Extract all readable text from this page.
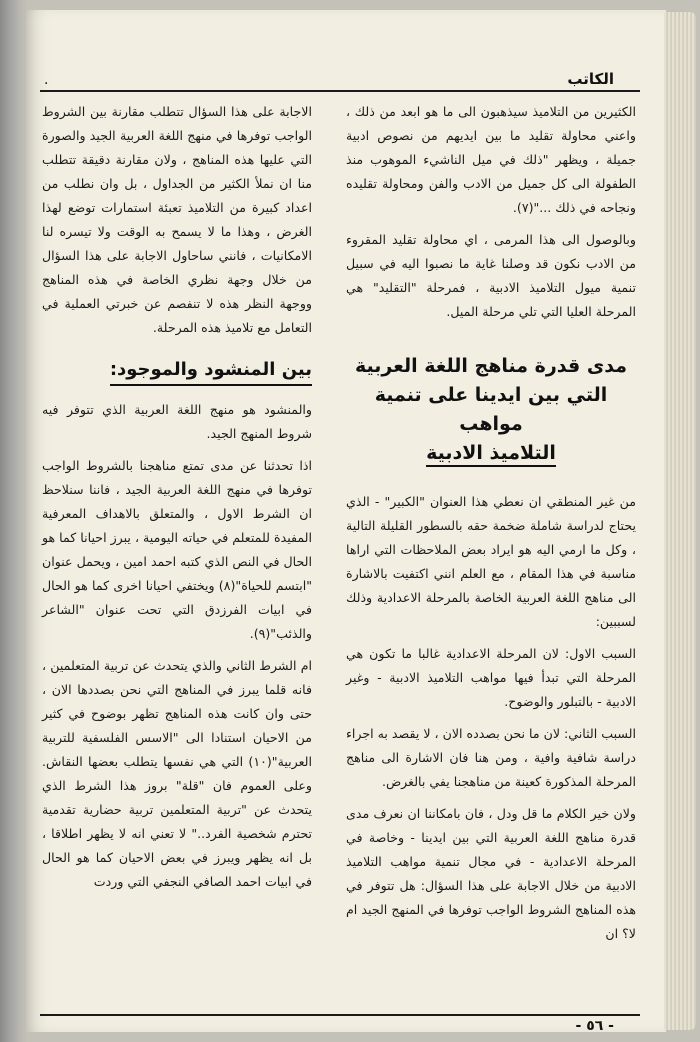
.	الكاتب

الكثيرين من التلاميذ سيذهبون الى ما هو ابعد من ذلك ، واعني محاولة تقليد ما بين ايديهم من نصوص ادبية جميلة ، ويظهر "ذلك في ميل الناشيء الموهوب منذ الطفولة الى كل جميل من الادب والفن ومحاولة تقليده ونجاحه في ذلك ..."(٧).

وبالوصول الى هذا المرمى ، اي محاولة تقليد المقروء من الادب نكون قد وصلنا غاية ما نصبوا اليه في سبيل تنمية ميول التلاميذ الادبية ، فمرحلة "التقليد" هي المرحلة العليا التي تلي مرحلة الميل.

مدى قدرة مناهج اللغة العربية
التي بين ايدينا على تنمية مواهب
التلاميذ الادبية

من غير المنطقي ان نعطي هذا العنوان "الكبير" - الذي يحتاج لدراسة شاملة ضخمة حقه بالسطور القليلة التالية ، وكل ما ارمي اليه هو ايراد بعض الملاحظات التي اراها مناسبة في هذا المقام ، مع العلم انني اكتفيت بالاشارة الى مناهج اللغة العربية الخاصة بالمرحلة الاعدادية وذلك لسببين:

السبب الاول: لان المرحلة الاعدادية غالبا ما تكون هي المرحلة التي تبدأ فيها مواهب التلاميذ الادبية - وغير الادبية - بالتبلور والوضوح.

السبب الثاني: لان ما نحن بصدده الان ، لا يقصد به اجراء دراسة شافية وافية ، ومن هنا فان الاشارة الى مناهج المرحلة المذكورة كعينة من مناهجنا يفي بالغرض.

ولان خير الكلام ما قل ودل ، فان بامكاننا ان نعرف مدى قدرة مناهج اللغة العربية التي بين ايدينا - وخاصة في المرحلة الاعدادية - في مجال تنمية مواهب التلاميذ الادبية من خلال الاجابة على هذا السؤال: هل تتوفر في هذه المناهج الشروط الواجب توفرها في المنهج الجيد ام لا؟ ان

الاجابة على هذا السؤال تتطلب مقارنة بين الشروط الواجب توفرها في منهج اللغة العربية الجيد والصورة التي عليها هذه المناهج ، ولان مقارنة دقيقة تتطلب منا ان نملأ الكثير من الجداول ، بل وان نطلب من اعداد كبيرة من التلاميذ تعبئة استمارات توضع لهذا الغرض ، وهذا ما لا يسمح به الوقت ولا تيسره لنا الامكانيات ، فانني ساحاول الاجابة على هذا السؤال من خلال وجهة نظري الخاصة في هذه المناهج ووجهة النظر هذه لا تنفصم عن خبرتي العملية في التعامل مع تلاميذ هذه المرحلة.

بين المنشود والموجود:

والمنشود هو منهج اللغة العربية الذي تتوفر فيه شروط المنهج الجيد.

اذا تحدثنا عن مدى تمتع مناهجنا بالشروط الواجب توفرها في منهج اللغة العربية الجيد ، فاننا سنلاحظ ان الشرط الاول ، والمتعلق بالاهداف المعرفية المفيدة للمتعلم في حياته اليومية ، يبرز احيانا كما هو الحال في النص الذي كتبه احمد امين ، ويحمل عنوان "ابتسم للحياة"(٨) ويختفي احيانا اخرى كما هو الحال في ابيات الفرزدق التي تحت عنوان "الشاعر والذئب"(٩).

ام الشرط الثاني والذي يتحدث عن تربية المتعلمين ، فانه قلما يبرز في المناهج التي نحن بصددها الان ، حتى وان كانت هذه المناهج تظهر بوضوح في كثير من الاحيان استنادا الى "الاسس الفلسفية للتربية العربية"(١٠) التي هي نفسها يتطلب بعضها النقاش. وعلى العموم فان "قلة" بروز هذا الشرط الذي يتحدث عن "تربية المتعلمين تربية حضارية تقدمية تحترم شخصية الفرد.." لا تعني انه لا يظهر اطلاقا ، بل انه يظهر ويبرز في بعض الاحيان كما هو الحال في ابيات احمد الصافي النجفي التي وردت

- ٥٦ -
